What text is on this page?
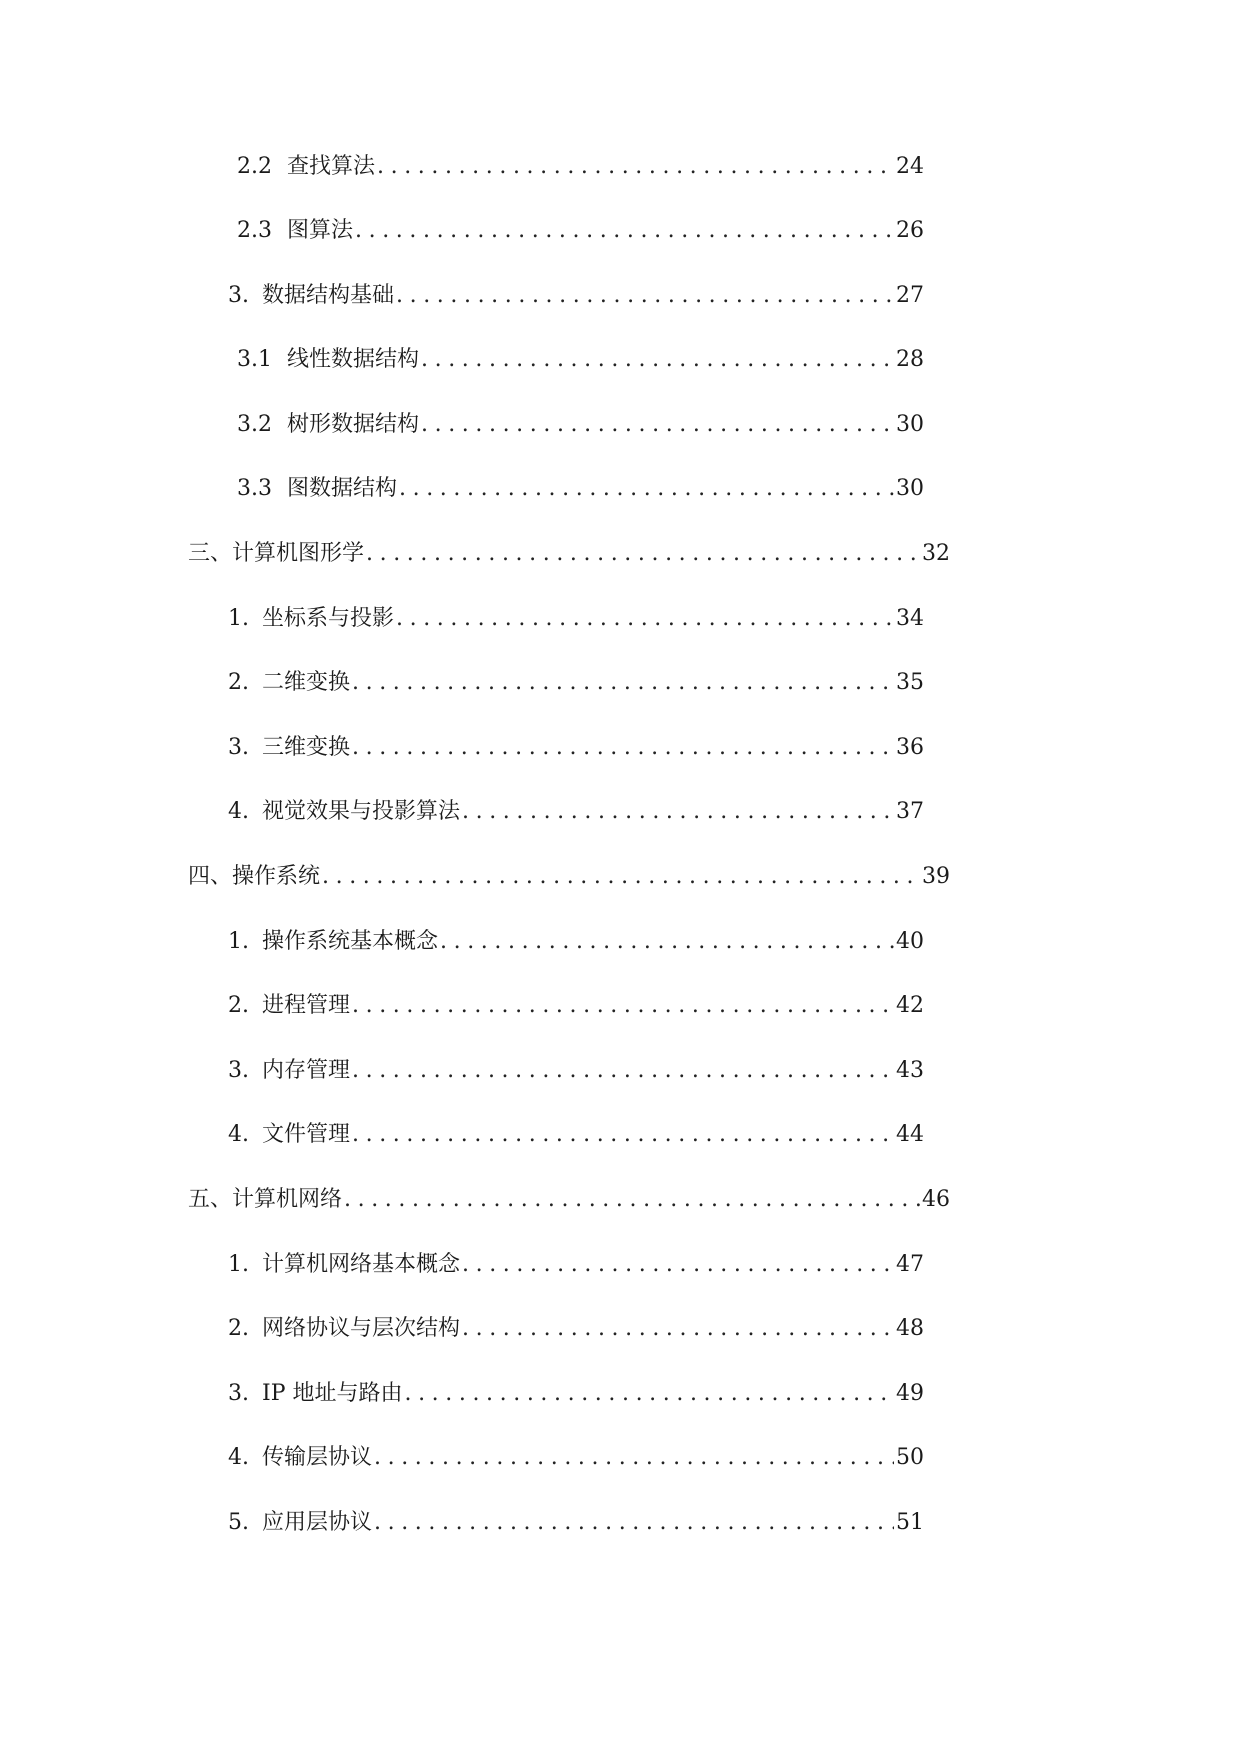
2.2 查找算法 .....	24
2.3 图算法 .....	26
3. 数据结构基础 .....	27
3.1 线性数据结构 .....	28
3.2 树形数据结构 .....	30
3.3 图数据结构 .....	30
三、计算机图形学 .....	32
1. 坐标系与投影 .....	34
2. 二维变换 .....	35
3. 三维变换 .....	36
4. 视觉效果与投影算法 .....	37
四、操作系统 .....	39
1. 操作系统基本概念 .....	40
2. 进程管理 .....	42
3. 内存管理 .....	43
4. 文件管理 .....	44
五、计算机网络 .....	46
1. 计算机网络基本概念 .....	47
2. 网络协议与层次结构 .....	48
3. IP 地址与路由 .....	49
4. 传输层协议 .....	50
5. 应用层协议 .....	51
